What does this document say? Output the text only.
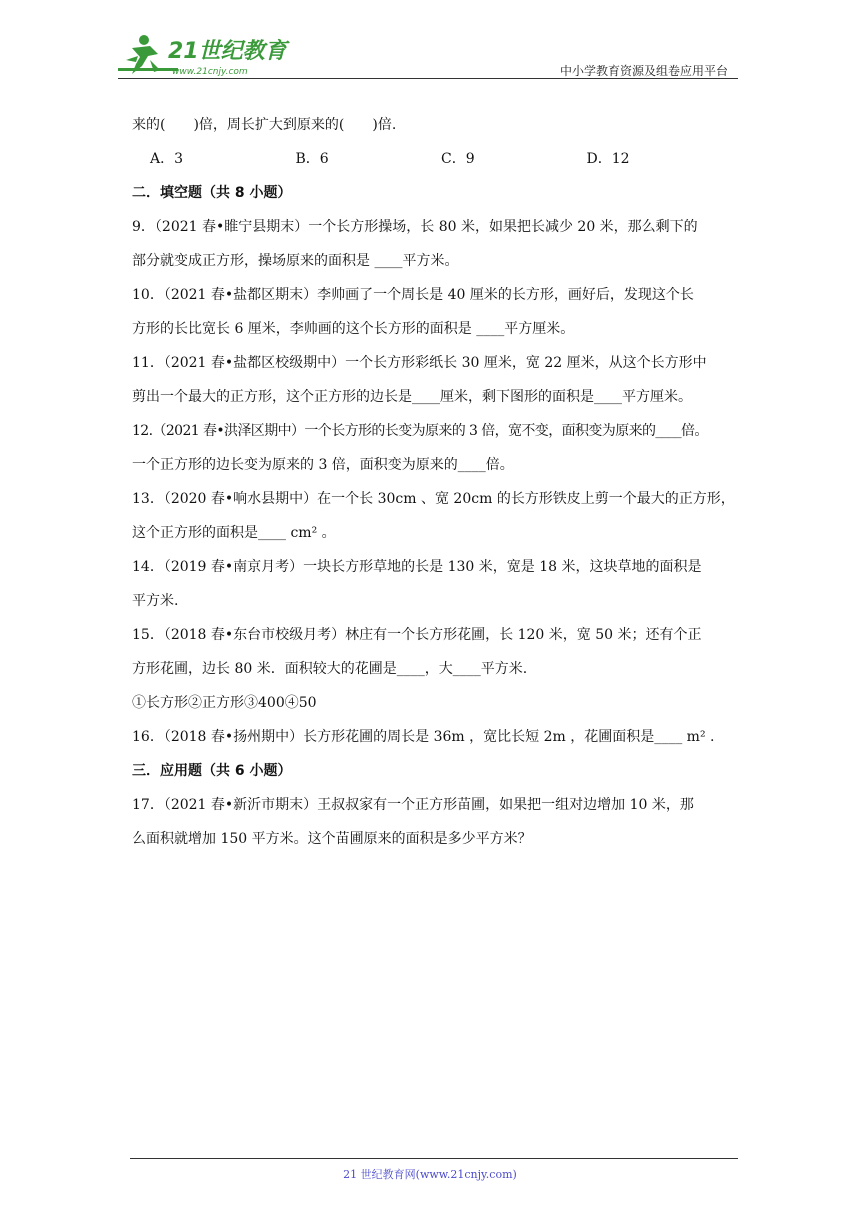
21世纪教育
www.21cnjy.com	中小学教育资源及组卷应用平台
来的(　　)倍，周长扩大到原来的(　　)倍.
A．3	B．6	C．9	D．12
二．填空题（共 8 小题）
9．（2021 春•睢宁县期末）一个长方形操场，长 80 米，如果把长减少 20 米，那么剩下的
部分就变成正方形，操场原来的面积是 ____平方米。
10．（2021 春•盐都区期末）李帅画了一个周长是 40 厘米的长方形，画好后，发现这个长
方形的长比宽长 6 厘米，李帅画的这个长方形的面积是 ____平方厘米。
11．（2021 春•盐都区校级期中）一个长方形彩纸长 30 厘米，宽 22 厘米，从这个长方形中
剪出一个最大的正方形，这个正方形的边长是____厘米，剩下图形的面积是____平方厘米。
12.（2021 春•洪泽区期中）一个长方形的长变为原来的 3 倍，宽不变，面积变为原来的____倍。
一个正方形的边长变为原来的 3 倍，面积变为原来的____倍。
13．（2020 春•响水县期中）在一个长 30cm 、宽 20cm 的长方形铁皮上剪一个最大的正方形，
这个正方形的面积是____ cm² 。
14．（2019 春•南京月考）一块长方形草地的长是 130 米，宽是 18 米，这块草地的面积是
平方米.
15．（2018 春•东台市校级月考）林庄有一个长方形花圃，长 120 米，宽 50 米；还有个正
方形花圃，边长 80 米．面积较大的花圃是____，大____平方米.
①长方形②正方形③400④50
16．（2018 春•扬州期中）长方形花圃的周长是 36m ，宽比长短 2m ，花圃面积是____ m² .
三．应用题（共 6 小题）
17．（2021 春•新沂市期末）王叔叔家有一个正方形苗圃，如果把一组对边增加 10 米，那
么面积就增加 150 平方米。这个苗圃原来的面积是多少平方米？
21 世纪教育网(www.21cnjy.com)
